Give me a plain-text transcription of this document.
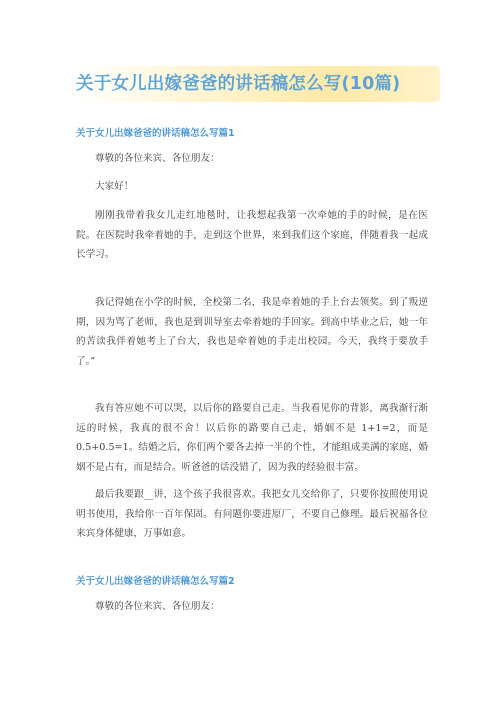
关于女儿出嫁爸爸的讲话稿怎么写(10篇)
关于女儿出嫁爸爸的讲话稿怎么写篇1

尊敬的各位来宾、各位朋友：

大家好！

刚刚我带着我女儿走红地毯时，让我想起我第一次牵她的手的时候，是在医院。在医院时我牵着她的手，走到这个世界，来到我们这个家庭，伴随着我一起成长学习。

我记得她在小学的时候，全校第二名，我是牵着她的手上台去领奖。到了叛逆期，因为骂了老师，我也是到训导室去牵着她的手回家。到高中毕业之后，她一年的苦读我伴着她考上了台大，我也是牵着她的手走出校园。今天，我终于要放手了。”

我有答应她不可以哭，以后你的路要自己走。当我看见你的背影，离我渐行渐远的时候，我真的很不舍！以后你的路要自己走，婚姻不是 1+1=2，而是 0.5+0.5=1。结婚之后，你们两个要各去掉一半的个性，才能组成美满的家庭，婚姻不是占有，而是结合。听爸爸的话没错了，因为我的经验很丰富。

最后我要跟__讲，这个孩子我很喜欢。我把女儿交给你了，只要你按照使用说明书使用，我给你一百年保固。有问题你要进原厂，不要自己修理。最后祝福各位来宾身体健康，万事如意。

关于女儿出嫁爸爸的讲话稿怎么写篇2

尊敬的各位来宾、各位朋友：
